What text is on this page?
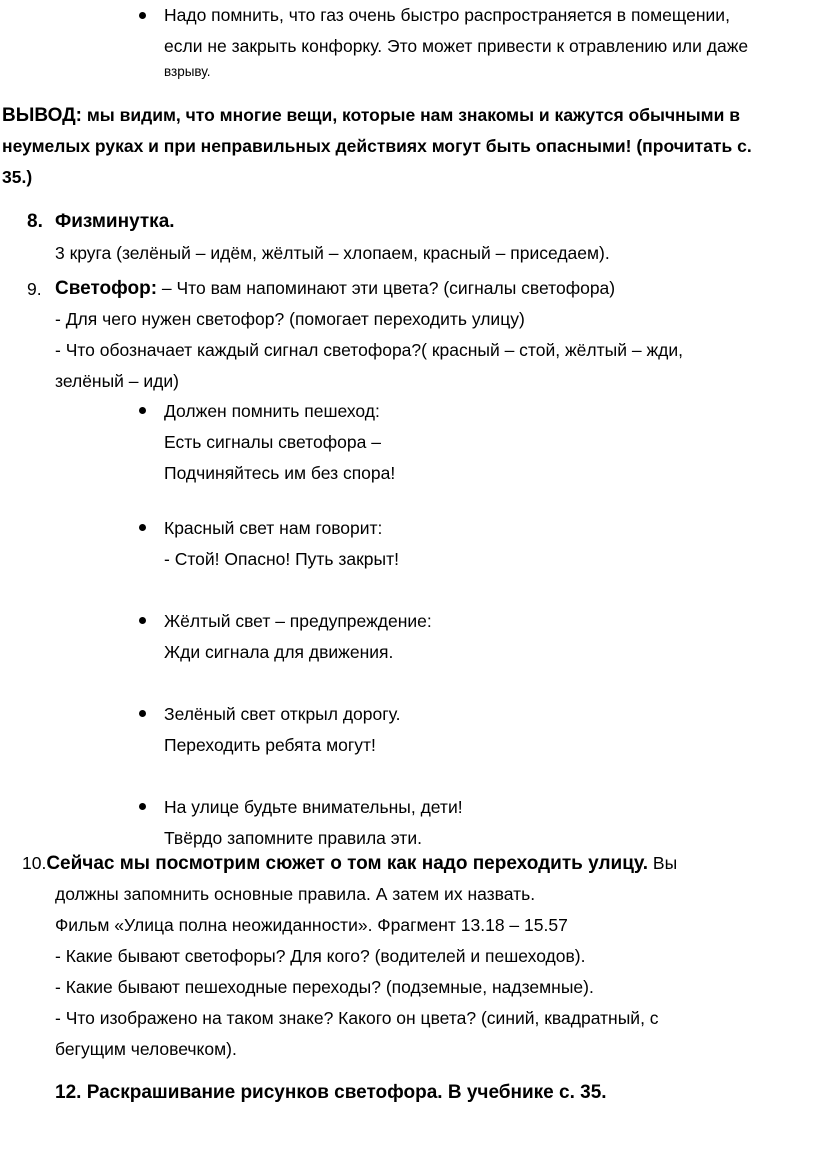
Надо помнить, что газ очень быстро распространяется в помещении,
если не закрыть конфорку. Это может привести к отравлению или даже
взрыву.
ВЫВОД: мы видим, что многие вещи, которые нам знакомы и кажутся обычными в
неумелых руках и при неправильных действиях могут быть опасными! (прочитать с.
35.)
8. Физминутка.
3 круга (зелёный – идём, жёлтый – хлопаем, красный – приседаем).
9. Светофор: – Что вам напоминают эти цвета? (сигналы светофора)
- Для чего нужен светофор? (помогает переходить улицу)
- Что обозначает каждый сигнал светофора?( красный – стой, жёлтый – жди,
зелёный – иди)
Должен помнить пешеход:
Есть сигналы светофора –
Подчиняйтесь им без спора!
Красный свет нам говорит:
- Стой! Опасно! Путь закрыт!
Жёлтый свет – предупреждение:
Жди сигнала для движения.
Зелёный свет открыл дорогу.
Переходить ребята могут!
На улице будьте внимательны, дети!
Твёрдо запомните правила эти.
10.Сейчас мы посмотрим сюжет о том как надо переходить улицу. Вы
должны запомнить основные правила. А затем их назвать.
Фильм «Улица полна неожиданности». Фрагмент 13.18 – 15.57
- Какие бывают светофоры? Для кого? (водителей и пешеходов).
- Какие бывают пешеходные переходы? (подземные, надземные).
- Что изображено на таком знаке? Какого он цвета? (синий, квадратный, с
бегущим человечком).
12. Раскрашивание рисунков светофора. В учебнике с. 35.
